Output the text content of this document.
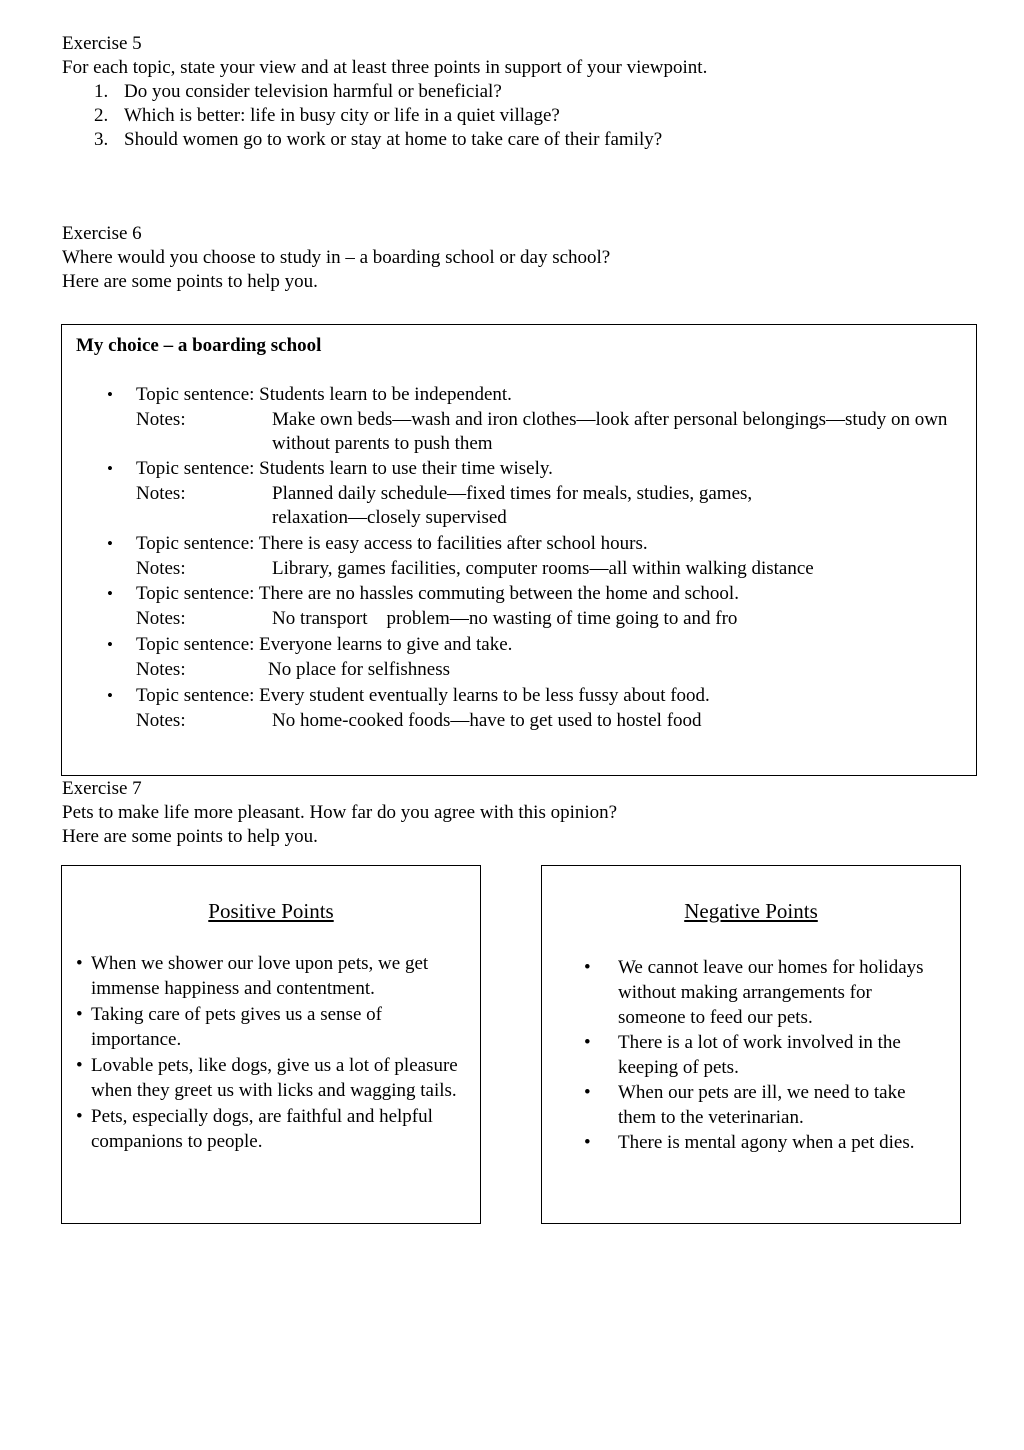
Exercise 5
For each topic, state your view and at least three points in support of your viewpoint.
1. Do you consider television harmful or beneficial?
2. Which is better: life in busy city or life in a quiet village?
3. Should women go to work or stay at home to take care of their family?
Exercise 6
Where would you choose to study in – a boarding school or day school?
Here are some points to help you.
My choice – a boarding school
• Topic sentence: Students learn to be independent.
Notes:	Make own beds—wash and iron clothes—look after personal belongings—study on own without parents to push them
• Topic sentence: Students learn to use their time wisely.
Notes:	Planned daily schedule—fixed times for meals, studies, games, relaxation—closely supervised
• Topic sentence: There is easy access to facilities after school hours.
Notes:	Library, games facilities, computer rooms—all within walking distance
• Topic sentence: There are no hassles commuting between the home and school.
Notes:	No transport    problem—no wasting of time going to and fro
• Topic sentence: Everyone learns to give and take.
Notes:	No place for selfishness
• Topic sentence: Every student eventually learns to be less fussy about food.
Notes:	No home-cooked foods—have to get used to hostel food
Exercise 7
Pets to make life more pleasant. How far do you agree with this opinion?
Here are some points to help you.
Positive Points
• When we shower our love upon pets, we get immense happiness and contentment.
• Taking care of pets gives us a sense of importance.
• Lovable pets, like dogs, give us a lot of pleasure when they greet us with licks and wagging tails.
• Pets, especially dogs, are faithful and helpful companions to people.
Negative Points
• We cannot leave our homes for holidays without making arrangements for someone to feed our pets.
• There is a lot of work involved in the keeping of pets.
• When our pets are ill, we need to take them to the veterinarian.
• There is mental agony when a pet dies.
